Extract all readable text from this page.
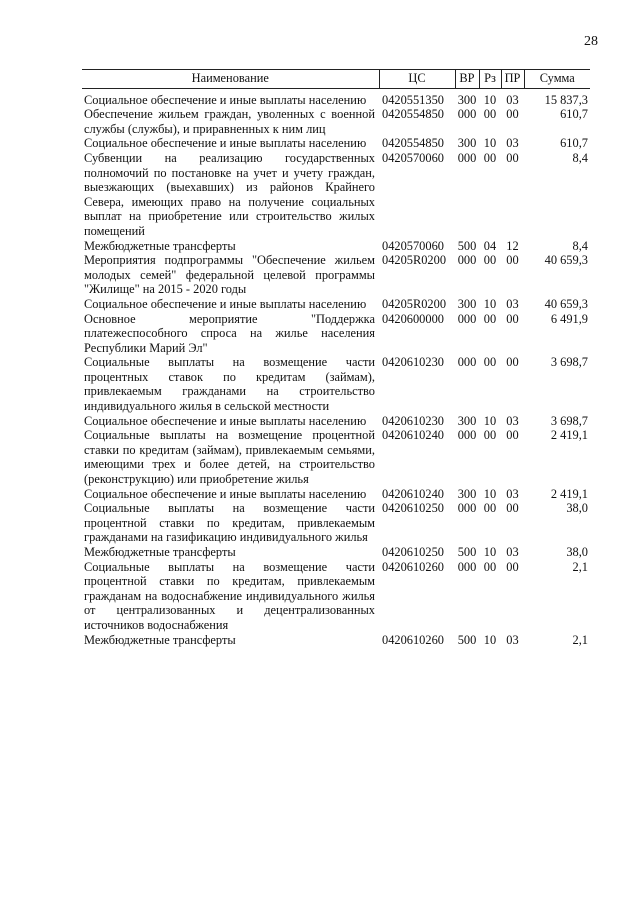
28
Наименование	ЦС	ВР	Рз	ПР	Сумма
Социальное обеспечение и иные выплаты населению	0420551350	300	10	03	15 837,3
Обеспечение жильем граждан, уволенных с военной службы (службы), и приравненных к ним лиц	0420554850	000	00	00	610,7
Социальное обеспечение и иные выплаты населению	0420554850	300	10	03	610,7
Субвенции на реализацию государственных полномочий по постановке на учет и учету граждан, выезжающих (выехавших) из районов Крайнего Севера, имеющих право на получение социальных выплат на приобретение или строительство жилых помещений	0420570060	000	00	00	8,4
Межбюджетные трансферты	0420570060	500	04	12	8,4
Мероприятия подпрограммы "Обеспечение жильем молодых семей" федеральной целевой программы "Жилище" на 2015 - 2020 годы	04205R0200	000	00	00	40 659,3
Социальное обеспечение и иные выплаты населению	04205R0200	300	10	03	40 659,3
Основное мероприятие "Поддержка платежеспособного спроса на жилье населения Республики Марий Эл"	0420600000	000	00	00	6 491,9
Социальные выплаты на возмещение части процентных ставок по кредитам (займам), привлекаемым гражданами на строительство индивидуального жилья в сельской местности	0420610230	000	00	00	3 698,7
Социальное обеспечение и иные выплаты населению	0420610230	300	10	03	3 698,7
Социальные выплаты на возмещение процентной ставки по кредитам (займам), привлекаемым семьями, имеющими трех и более детей, на строительство (реконструкцию) или приобретение жилья	0420610240	000	00	00	2 419,1
Социальное обеспечение и иные выплаты населению	0420610240	300	10	03	2 419,1
Социальные выплаты на возмещение части процентной ставки по кредитам, привлекаемым гражданами на газификацию индивидуального жилья	0420610250	000	00	00	38,0
Межбюджетные трансферты	0420610250	500	10	03	38,0
Социальные выплаты на возмещение части процентной ставки по кредитам, привлекаемым гражданам на водоснабжение индивидуального жилья от централизованных и децентрализованных источников водоснабжения	0420610260	000	00	00	2,1
Межбюджетные трансферты	0420610260	500	10	03	2,1
